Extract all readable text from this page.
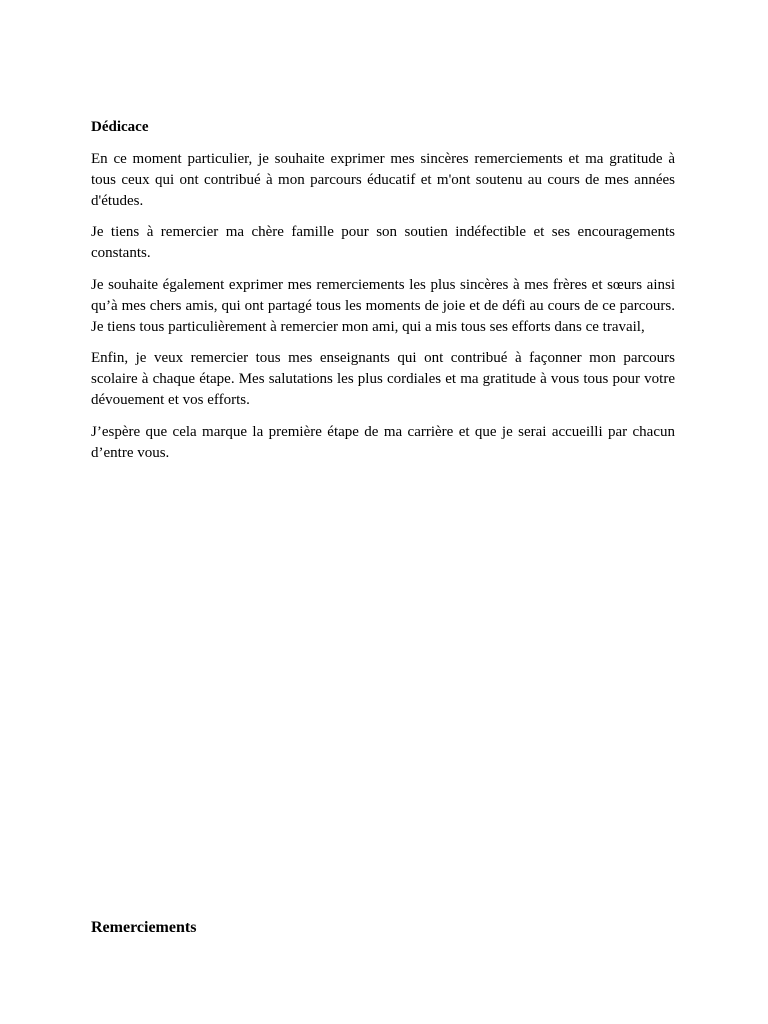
Dédicace

En ce moment particulier, je souhaite exprimer mes sincères remerciements et ma gratitude à tous ceux qui ont contribué à mon parcours éducatif et m'ont soutenu au cours de mes années d'études.

Je tiens à remercier ma chère famille pour son soutien indéfectible et ses encouragements constants.

Je souhaite également exprimer mes remerciements les plus sincères à mes frères et sœurs ainsi qu’à mes chers amis, qui ont partagé tous les moments de joie et de défi au cours de ce parcours. Je tiens tous particulièrement à remercier mon ami, qui a mis tous ses efforts dans ce travail,

Enfin, je veux remercier tous mes enseignants qui ont contribué à façonner mon parcours scolaire à chaque étape. Mes salutations les plus cordiales et ma gratitude à vous tous pour votre dévouement et vos efforts.

J’espère que cela marque la première étape de ma carrière et que je serai accueilli par chacun d’entre vous.

Remerciements
